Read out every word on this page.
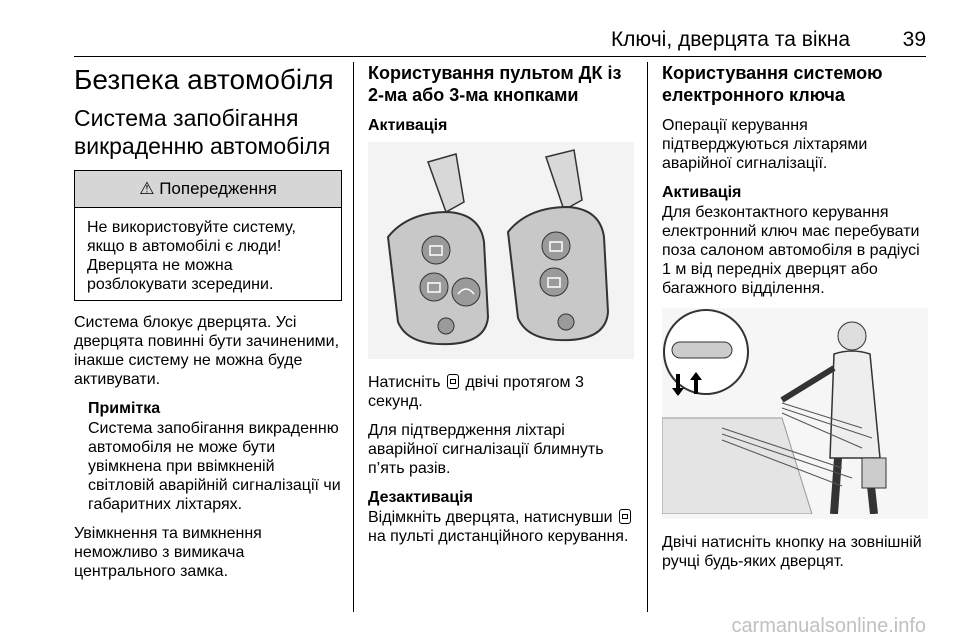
Ключі, дверцята та вікна	39
Безпека автомобіля
Система запобігання викраденню автомобіля
⚠ Попередження
Не використовуйте систему, якщо в автомобілі є люди! Дверцята не можна розблокувати зсередини.

Система блокує дверцята. Усі дверцята повинні бути зачиненими, інакше систему не можна буде активувати.

Примітка

Система запобігання викраденню автомобіля не може бути увімкнена при ввімкненій світловій аварійній сигналізації чи габаритних ліхтарях.

Увімкнення та вимкнення неможливо з вимикача центрального замка.

Користування пультом ДК із 2-ма або 3-ма кнопками
Активація

Натисніть двічі протягом 3 секунд.

Для підтвердження ліхтарі аварійної сигналізації блимнуть п’ять разів.

Дезактивація

Відімкніть дверцята, натиснувши  на пульті дистанційного керування.

Користування системою електронного ключа

Операції керування підтверджуються ліхтарями аварійної сигналізації.

Активація

Для безконтактного керування електронний ключ має перебувати поза салоном автомобіля в радіусі 1 м від передніх дверцят або багажного відділення.

Двічі натисніть кнопку на зовнішній ручці будь-яких дверцят.

carmanualsonline.info
